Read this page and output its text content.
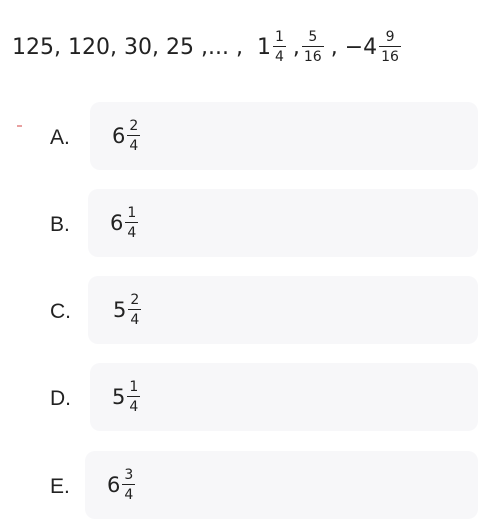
125 , 120 , 30 , 25 , ... , $1 \frac{1}{4}$ , $\frac{5}{16}$ , $-4 \frac{9}{16}$
A. $6 \frac{2}{4}$
B. $6 \frac{1}{4}$
C. $5 \frac{2}{4}$
D. $5 \frac{1}{4}$
E. $6 \frac{3}{4}$
